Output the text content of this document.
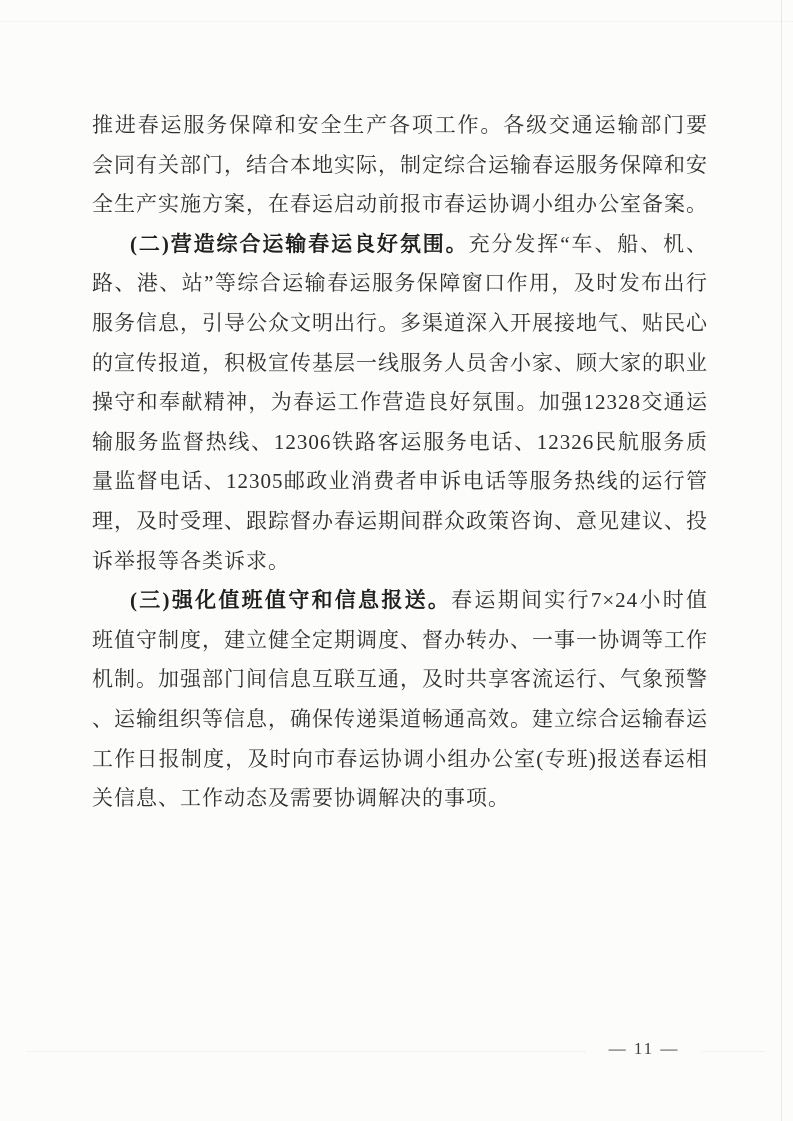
推进春运服务保障和安全生产各项工作。各级交通运输部门要
会同有关部门，结合本地实际，制定综合运输春运服务保障和安
全生产实施方案，在春运启动前报市春运协调小组办公室备案。
(二)营造综合运输春运良好氛围。充分发挥“车、船、机、
路、港、站”等综合运输春运服务保障窗口作用，及时发布出行
服务信息，引导公众文明出行。多渠道深入开展接地气、贴民心
的宣传报道，积极宣传基层一线服务人员舍小家、顾大家的职业
操守和奉献精神，为春运工作营造良好氛围。加强12328交通运
输服务监督热线、12306铁路客运服务电话、12326民航服务质
量监督电话、12305邮政业消费者申诉电话等服务热线的运行管
理，及时受理、跟踪督办春运期间群众政策咨询、意见建议、投
诉举报等各类诉求。
(三)强化值班值守和信息报送。春运期间实行7×24小时值
班值守制度，建立健全定期调度、督办转办、一事一协调等工作
机制。加强部门间信息互联互通，及时共享客流运行、气象预警
、运输组织等信息，确保传递渠道畅通高效。建立综合运输春运
工作日报制度，及时向市春运协调小组办公室(专班)报送春运相
关信息、工作动态及需要协调解决的事项。
— 11 —
